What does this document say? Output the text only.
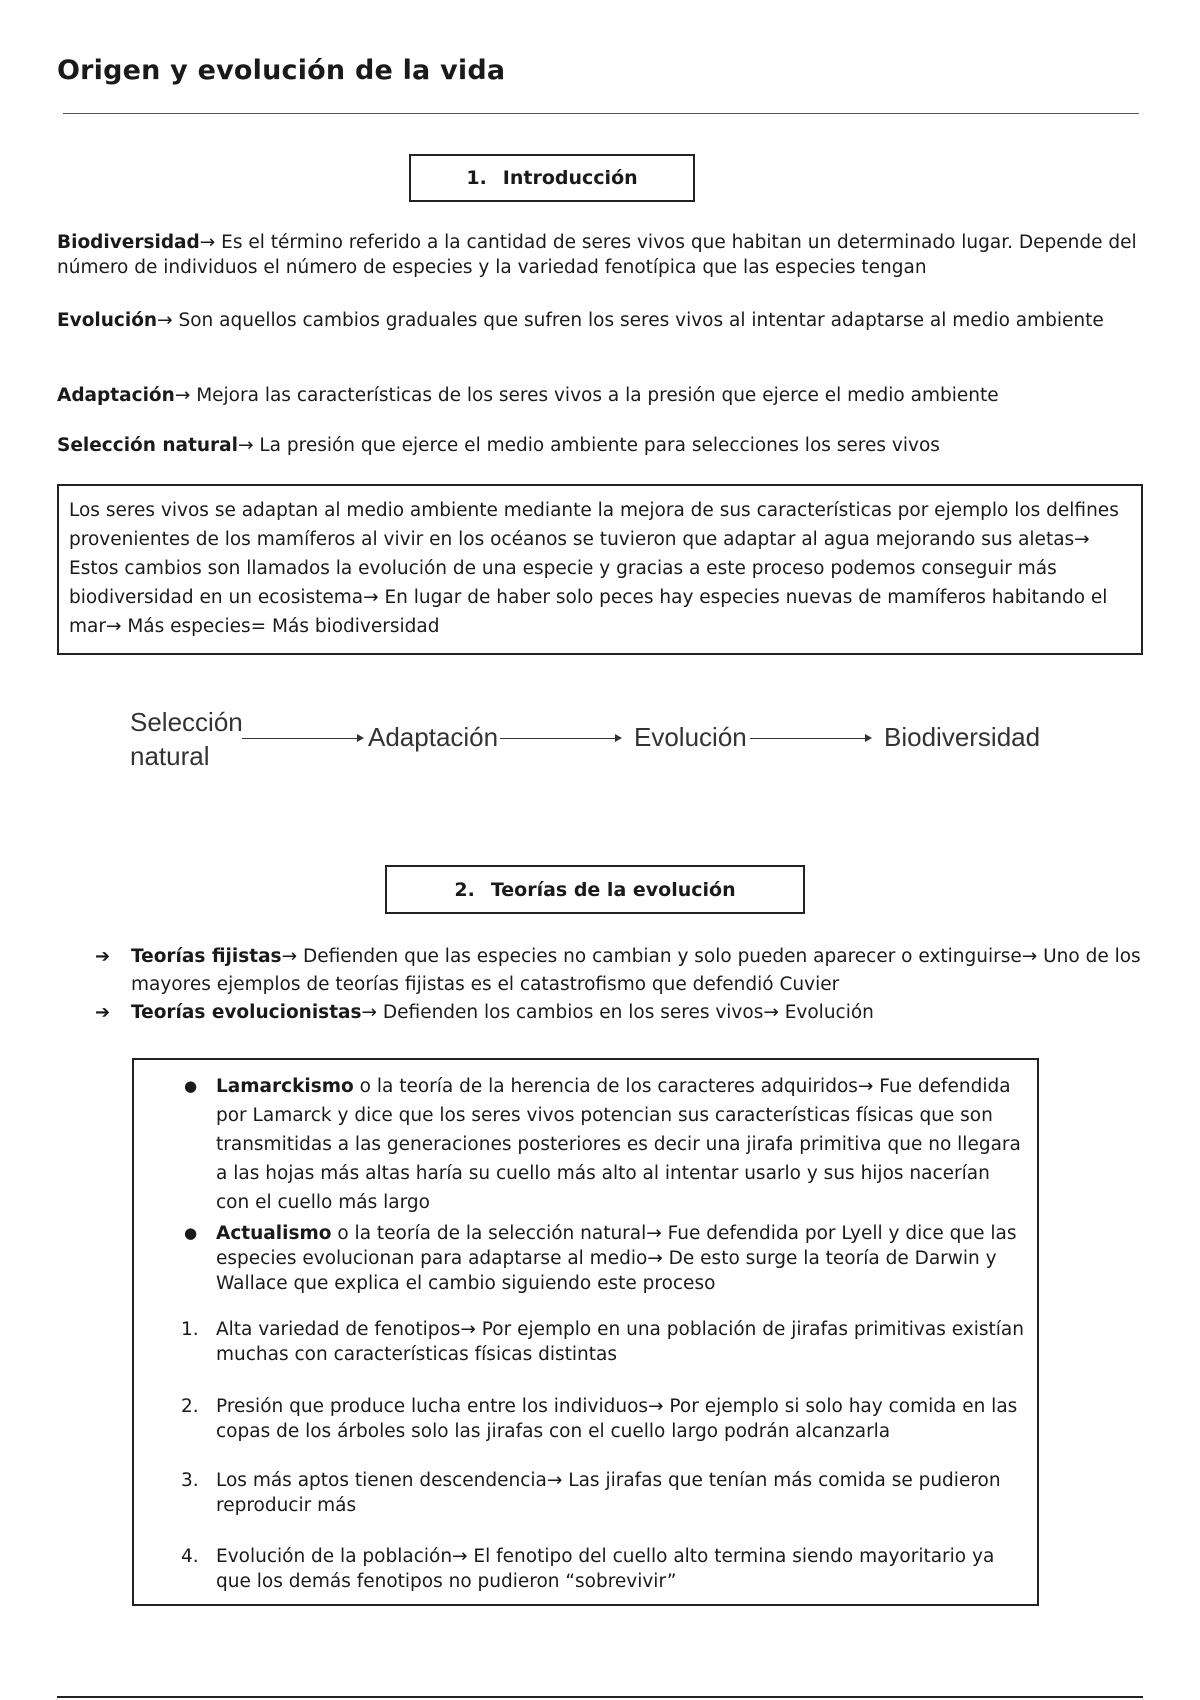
Origen y evolución de la vida
1. Introducción
Biodiversidad→ Es el término referido a la cantidad de seres vivos que habitan un determinado lugar. Depende del número de individuos el número de especies y la variedad fenotípica que las especies tengan
Evolución→ Son aquellos cambios graduales que sufren los seres vivos al intentar adaptarse al medio ambiente
Adaptación→ Mejora las características de los seres vivos a la presión que ejerce el medio ambiente
Selección natural→ La presión que ejerce el medio ambiente para selecciones los seres vivos
Los seres vivos se adaptan al medio ambiente mediante la mejora de sus características por ejemplo los delfines provenientes de los mamíferos al vivir en los océanos se tuvieron que adaptar al agua mejorando sus aletas→ Estos cambios son llamados la evolución de una especie y gracias a este proceso podemos conseguir más biodiversidad en un ecosistema→ En lugar de haber solo peces hay especies nuevas de mamíferos habitando el mar→ Más especies= Más biodiversidad
Selección
natural
Adaptación	Evolución	Biodiversidad
2. Teorías de la evolución
➔ Teorías fijistas→ Defienden que las especies no cambian y solo pueden aparecer o extinguirse→ Uno de los mayores ejemplos de teorías fijistas es el catastrofismo que defendió Cuvier
➔ Teorías evolucionistas→ Defienden los cambios en los seres vivos→ Evolución
● Lamarckismo o la teoría de la herencia de los caracteres adquiridos→ Fue defendida por Lamarck y dice que los seres vivos potencian sus características físicas que son transmitidas a las generaciones posteriores es decir una jirafa primitiva que no llegara a las hojas más altas haría su cuello más alto al intentar usarlo y sus hijos nacerían con el cuello más largo
● Actualismo o la teoría de la selección natural→ Fue defendida por Lyell y dice que las especies evolucionan para adaptarse al medio→ De esto surge la teoría de Darwin y Wallace que explica el cambio siguiendo este proceso
1. Alta variedad de fenotipos→ Por ejemplo en una población de jirafas primitivas existían muchas con características físicas distintas
2. Presión que produce lucha entre los individuos→ Por ejemplo si solo hay comida en las copas de los árboles solo las jirafas con el cuello largo podrán alcanzarla
3. Los más aptos tienen descendencia→ Las jirafas que tenían más comida se pudieron reproducir más
4. Evolución de la población→ El fenotipo del cuello alto termina siendo mayoritario ya que los demás fenotipos no pudieron “sobrevivir”
